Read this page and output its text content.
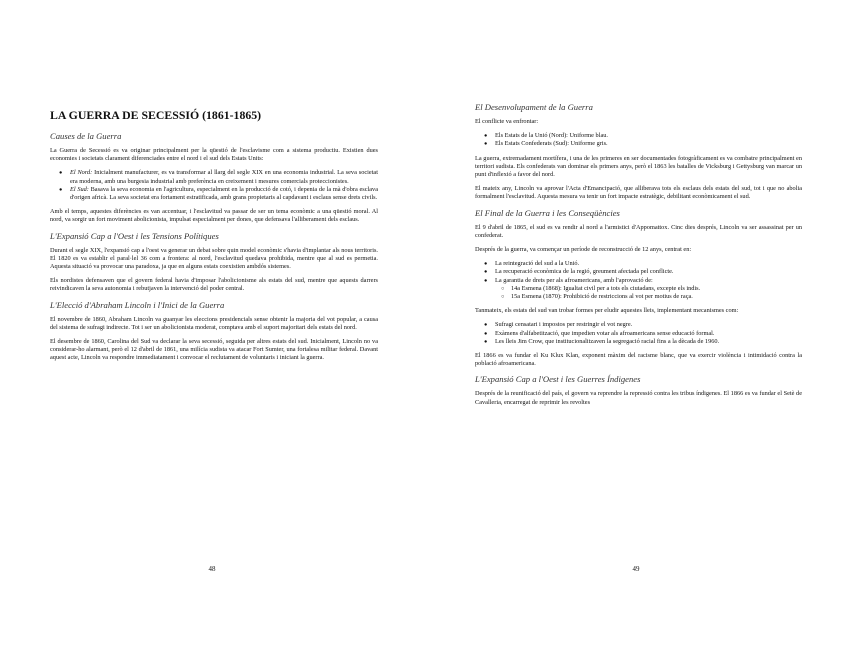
LA GUERRA DE SECESSIÓ (1861-1865)
Causes de la Guerra

La Guerra de Secessió es va originar principalment per la qüestió de l'esclavisme com a sistema productiu. Existien dues economies i societats clarament diferenciades entre el nord i el sud dels Estats Units:

● El Nord: Inicialment manufacturer, es va transformar al llarg del segle XIX en una economia industrial. La seva societat era moderna, amb una burgesia industrial amb preferència en creixement i mesures comercials proteccionistes.
● El Sud: Basava la seva economia en l'agricultura, especialment en la producció de cotó, i depenia de la mà d'obra esclava d'origen africà. La seva societat era fortament estratificada, amb grans propietaris al capdavant i esclaus sense drets civils.

Amb el temps, aquestes diferències es van accentuar, i l'esclavitud va passar de ser un tema econòmic a una qüestió moral. Al nord, va sorgir un fort moviment abolicionista, impulsat especialment per dones, que defensava l'alliberament dels esclaus.

L'Expansió Cap a l'Oest i les Tensions Polítiques

Durant el segle XIX, l'expansió cap a l'oest va generar un debat sobre quin model econòmic s'havia d'implantar als nous territoris. El 1820 es va establir el paral·lel 36 com a frontera: al nord, l'esclavitud quedava prohibida, mentre que al sud es permetia. Aquesta situació va provocar una paradoxa, ja que en alguns estats coexistien ambdós sistemes.

Els nordistes defensaven que el govern federal havia d'imposar l'abolicionisme als estats del sud, mentre que aquests darrers reivindicaven la seva autonomia i rebutjaven la intervenció del poder central.

L'Elecció d'Abraham Lincoln i l'Inici de la Guerra

El novembre de 1860, Abraham Lincoln va guanyar les eleccions presidencials sense obtenir la majoria del vot popular, a causa del sistema de sufragi indirecte. Tot i ser un abolicionista moderat, comptava amb el suport majoritari dels estats del nord.

El desembre de 1860, Carolina del Sud va declarar la seva secessió, seguida per altres estats del sud. Inicialment, Lincoln no va considerar-ho alarmant, però el 12 d'abril de 1861, una milícia sudista va atacar Fort Sumter, una fortalesa militar federal. Davant aquest acte, Lincoln va respondre immediatament i convocar el reclutament de voluntaris i iniciant la guerra.

48
El Desenvolupament de la Guerra

El conflicte va enfrontar:

● Els Estats de la Unió (Nord): Uniforme blau.
● Els Estats Confederats (Sud): Uniforme gris.

La guerra, extremadament mortífera, i una de les primeres en ser documentades fotogràficament es va combatre principalment en territori sudista. Els confederats van dominar els primers anys, però el 1863 les batalles de Vicksburg i Gettysburg van marcar un punt d'inflexió a favor del nord.

El mateix any, Lincoln va aprovar l'Acta d'Emancipació, que alliberava tots els esclaus dels estats del sud, tot i que no abolia formalment l'esclavitud. Aquesta mesura va tenir un fort impacte estratègic, debilitant econòmicament el sud.

El Final de la Guerra i les Conseqüències

El 9 d'abril de 1865, el sud es va rendir al nord a l'armistici d'Appomattox. Cinc dies després, Lincoln va ser assassinat per un confederat.

Després de la guerra, va començar un període de reconstrucció de 12 anys, centrat en:

● La reintegració del sud a la Unió.
● La recuperació econòmica de la regió, greument afectada pel conflicte.
● La garantia de drets per als afroamericans, amb l'aprovació de:
○ 14a Esmena (1868): Igualtat civil per a tots els ciutadans, excepte els indis.
○ 15a Esmena (1870): Prohibició de restriccions al vot per motius de raça.

Tanmateix, els estats del sud van trobar formes per eludir aquestes lleis, implementant mecanismes com:

● Sufragi censatari i impostos per restringir el vot negre.
● Exàmens d'alfabetització, que impedien votar als afroamericans sense educació formal.
● Les lleis Jim Crow, que institucionalitzaven la segregació racial fins a la dècada de 1960.

El 1866 es va fundar el Ku Klux Klan, exponent màxim del racisme blanc, que va exercir violència i intimidació contra la població afroamericana.

L'Expansió Cap a l'Oest i les Guerres Índigenes

Després de la reunificació del país, el govern va reprendre la repressió contra les tribus índigenes. El 1866 es va fundar el Setè de Cavalleria, encarregat de reprimir les revoltes

49
